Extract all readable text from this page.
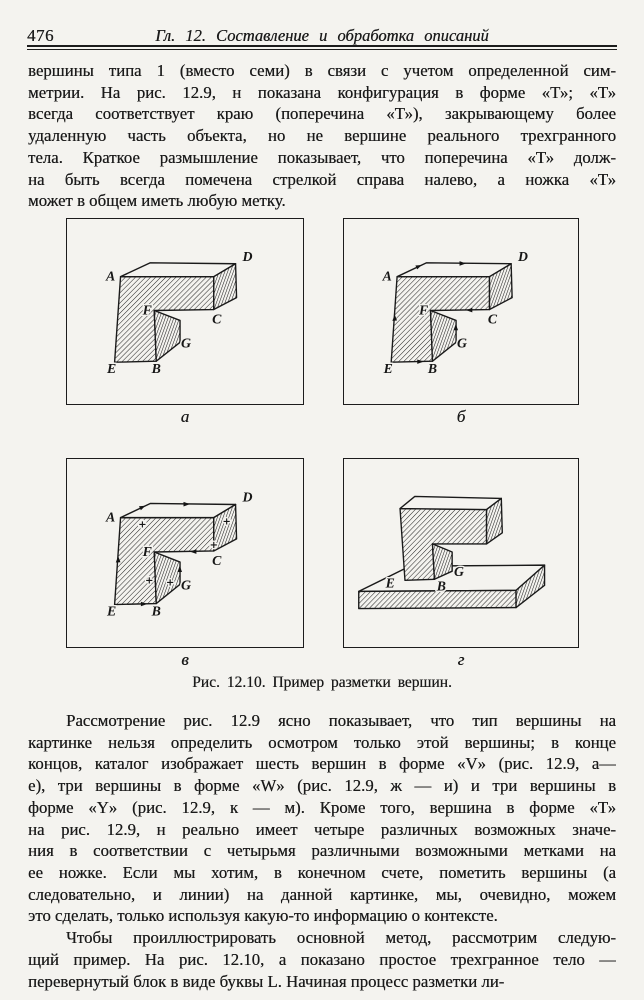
476	Гл. 12. Составление и обработка описаний
вершины типа 1 (вместо семи) в связи с учетом определенной сим-
метрии. На рис. 12.9, н показана конфигурация в форме «Т»; «Т»
всегда соответствует краю (поперечина «Т»), закрывающему более
удаленную часть объекта, но не вершине реального трехгранного
тела. Краткое размышление показывает, что поперечина «Т» долж-
на быть всегда помечена стрелкой справа налево, а ножка «Т»
может в общем иметь любую метку.
A
D
C
F
G
B
E
A
D
C
F
G
B
E
+	+
+
+ +
A
D
C
F
G
B
E
E	B
G
а	б
в	г
Рис. 12.10. Пример разметки вершин.
Рассмотрение рис. 12.9 ясно показывает, что тип вершины на
картинке нельзя определить осмотром только этой вершины; в конце
концов, каталог изображает шесть вершин в форме «V» (рис. 12.9, а—
е), три вершины в форме «W» (рис. 12.9, ж — и) и три вершины в
форме «Y» (рис. 12.9, к — м). Кроме того, вершина в форме «Т»
на рис. 12.9, н реально имеет четыре различных возможных значе-
ния в соответствии с четырьмя различными возможными метками на
ее ножке. Если мы хотим, в конечном счете, пометить вершины (а
следовательно, и линии) на данной картинке, мы, очевидно, можем
это сделать, только используя какую-то информацию о контексте.
Чтобы проиллюстрировать основной метод, рассмотрим следую-
щий пример. На рис. 12.10, а показано простое трехгранное тело —
перевернутый блок в виде буквы L. Начиная процесс разметки ли-
